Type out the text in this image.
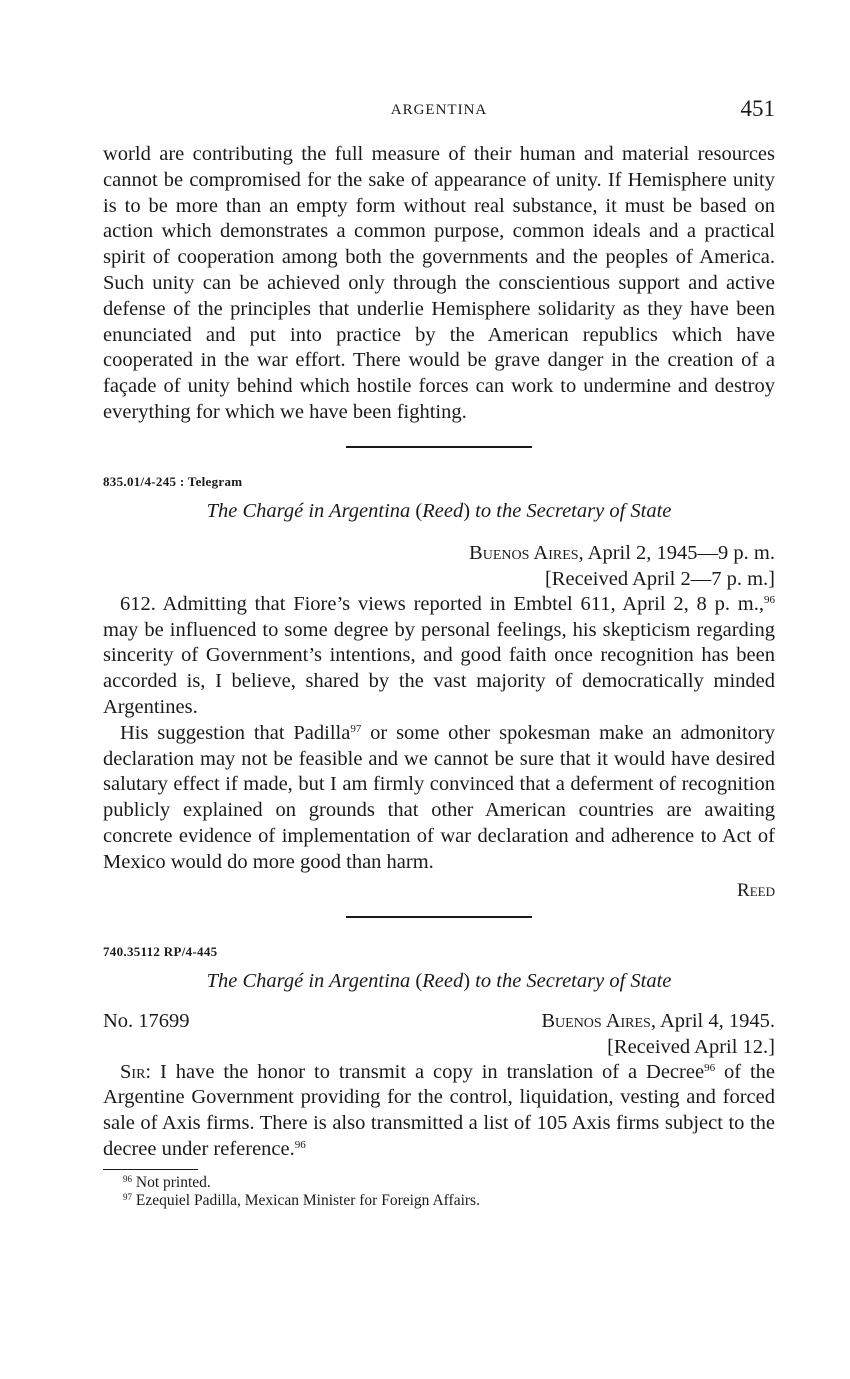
ARGENTINA	451

world are contributing the full measure of their human and material resources cannot be compromised for the sake of appearance of unity. If Hemisphere unity is to be more than an empty form without real substance, it must be based on action which demonstrates a common purpose, common ideals and a practical spirit of cooperation among both the governments and the peoples of America. Such unity can be achieved only through the conscientious support and active defense of the principles that underlie Hemisphere solidarity as they have been enunciated and put into practice by the American republics which have cooperated in the war effort. There would be grave danger in the creation of a façade of unity behind which hostile forces can work to undermine and destroy everything for which we have been fighting.

835.01/4-245 : Telegram
The Chargé in Argentina (Reed) to the Secretary of State
Buenos Aires, April 2, 1945—9 p. m.
[Received April 2—7 p. m.]

612. Admitting that Fiore’s views reported in Embtel 611, April 2, 8 p. m.,$^{96}$ may be influenced to some degree by personal feelings, his skepticism regarding sincerity of Government’s intentions, and good faith once recognition has been accorded is, I believe, shared by the vast majority of democratically minded Argentines.

His suggestion that Padilla$^{97}$ or some other spokesman make an admonitory declaration may not be feasible and we cannot be sure that it would have desired salutary effect if made, but I am firmly convinced that a deferment of recognition publicly explained on grounds that other American countries are awaiting concrete evidence of implementation of war declaration and adherence to Act of Mexico would do more good than harm.

Reed
740.35112 RP/4-445
The Chargé in Argentina (Reed) to the Secretary of State
No. 17699	Buenos Aires, April 4, 1945.
[Received April 12.]

Sir: I have the honor to transmit a copy in translation of a Decree$^{96}$ of the Argentine Government providing for the control, liquidation, vesting and forced sale of Axis firms. There is also transmitted a list of 105 Axis firms subject to the decree under reference.$^{96}$

$^{96}$ Not printed.
$^{97}$ Ezequiel Padilla, Mexican Minister for Foreign Affairs.
